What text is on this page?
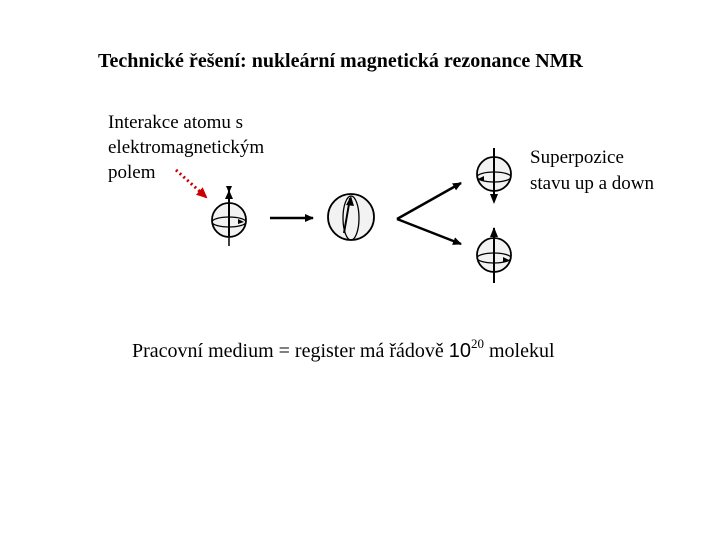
Technické řešení: nukleární magnetická rezonance NMR
Interakce atomu s
elektromagnetickým
polem
Superpozice
stavu up a down
Pracovní medium = register má řádově $10^{20}$ molekul
